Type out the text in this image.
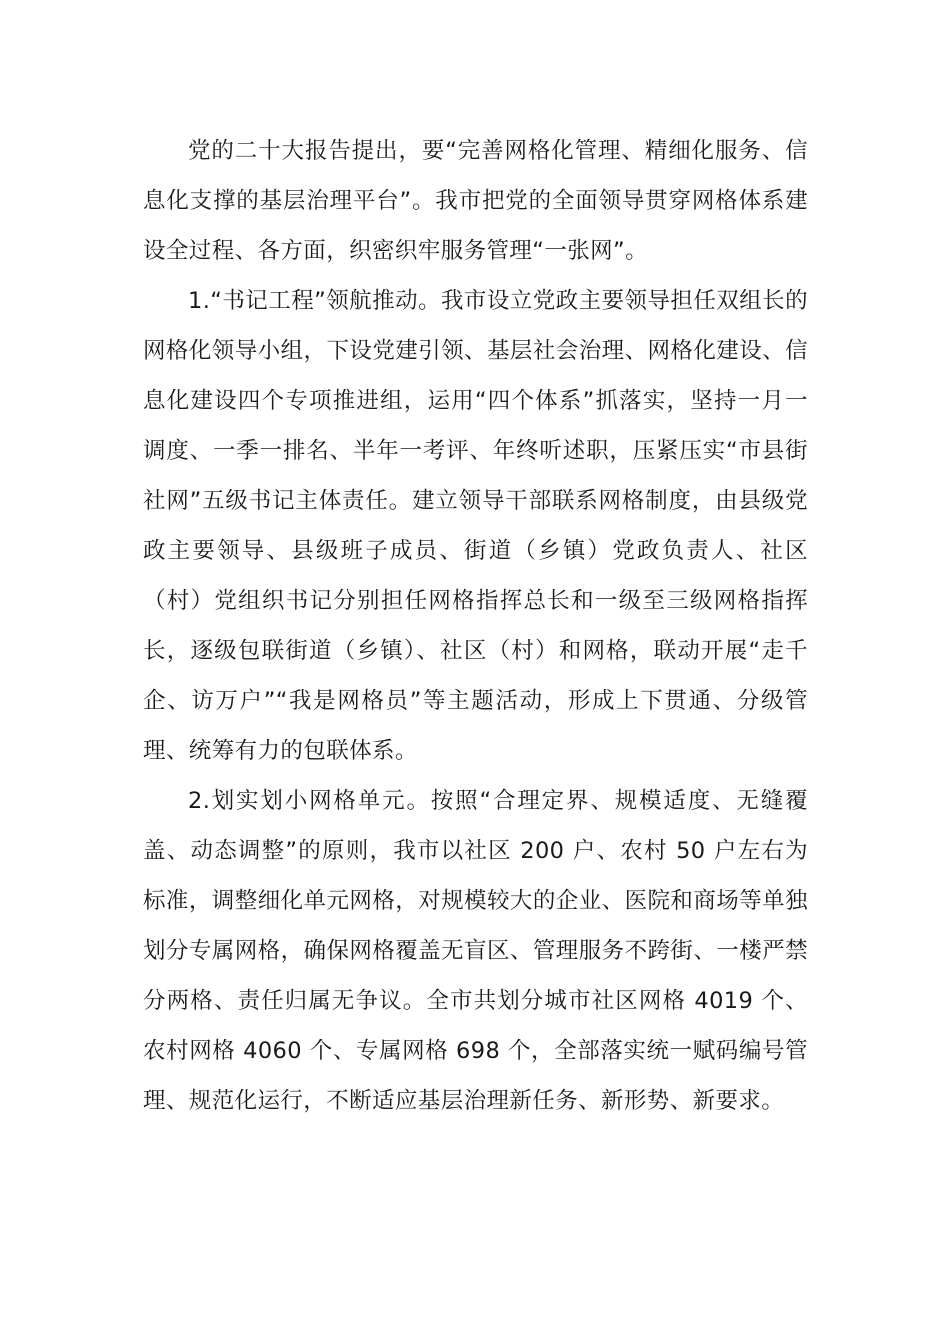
党的二十大报告提出，要“完善网格化管理、精细化服务、信息化支撑的基层治理平台”。我市把党的全面领导贯穿网格体系建设全过程、各方面，织密织牢服务管理“一张网”。

1.“书记工程”领航推动。我市设立党政主要领导担任双组长的网格化领导小组，下设党建引领、基层社会治理、网格化建设、信息化建设四个专项推进组，运用“四个体系”抓落实，坚持一月一调度、一季一排名、半年一考评、年终听述职，压紧压实“市县街社网”五级书记主体责任。建立领导干部联系网格制度，由县级党政主要领导、县级班子成员、街道（乡镇）党政负责人、社区（村）党组织书记分别担任网格指挥总长和一级至三级网格指挥长，逐级包联街道（乡镇）、社区（村）和网格，联动开展“走千企、访万户”“我是网格员”等主题活动，形成上下贯通、分级管理、统筹有力的包联体系。

2.划实划小网格单元。按照“合理定界、规模适度、无缝覆盖、动态调整”的原则，我市以社区 200 户、农村 50 户左右为标准，调整细化单元网格，对规模较大的企业、医院和商场等单独划分专属网格，确保网格覆盖无盲区、管理服务不跨街、一楼严禁分两格、责任归属无争议。全市共划分城市社区网格 4019 个、农村网格 4060 个、专属网格 698 个，全部落实统一赋码编号管理、规范化运行，不断适应基层治理新任务、新形势、新要求。
